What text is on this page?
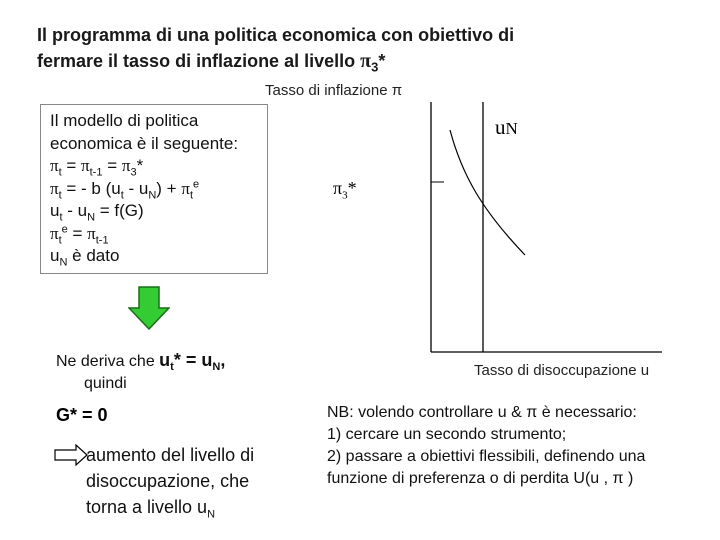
Il programma di una politica economica con obiettivo di
fermare il tasso di inflazione al livello $\pi_3*$
Il modello di politica
economica è il seguente:
$\pi_t = \pi_{t-1} = \pi_3*$
$\pi_t$ = - b $(u_t - u_N) + \pi_t^e$
$u_t - u_N = f(G)$
$\pi_t^e = \pi_{t-1}$
$u_N$ è dato
Tasso di inflazione π
$\pi_3*$
uN
Tasso di disoccupazione u
Ne deriva che $u_t* = u_N$,
quindi
G* = 0
aumento del livello di
disoccupazione, che
torna a livello $u_N$
NB: volendo controllare u & π è necessario:
1) cercare un secondo strumento;
2) passare a obiettivi flessibili, definendo una
funzione di preferenza o di perdita U(u , π )
